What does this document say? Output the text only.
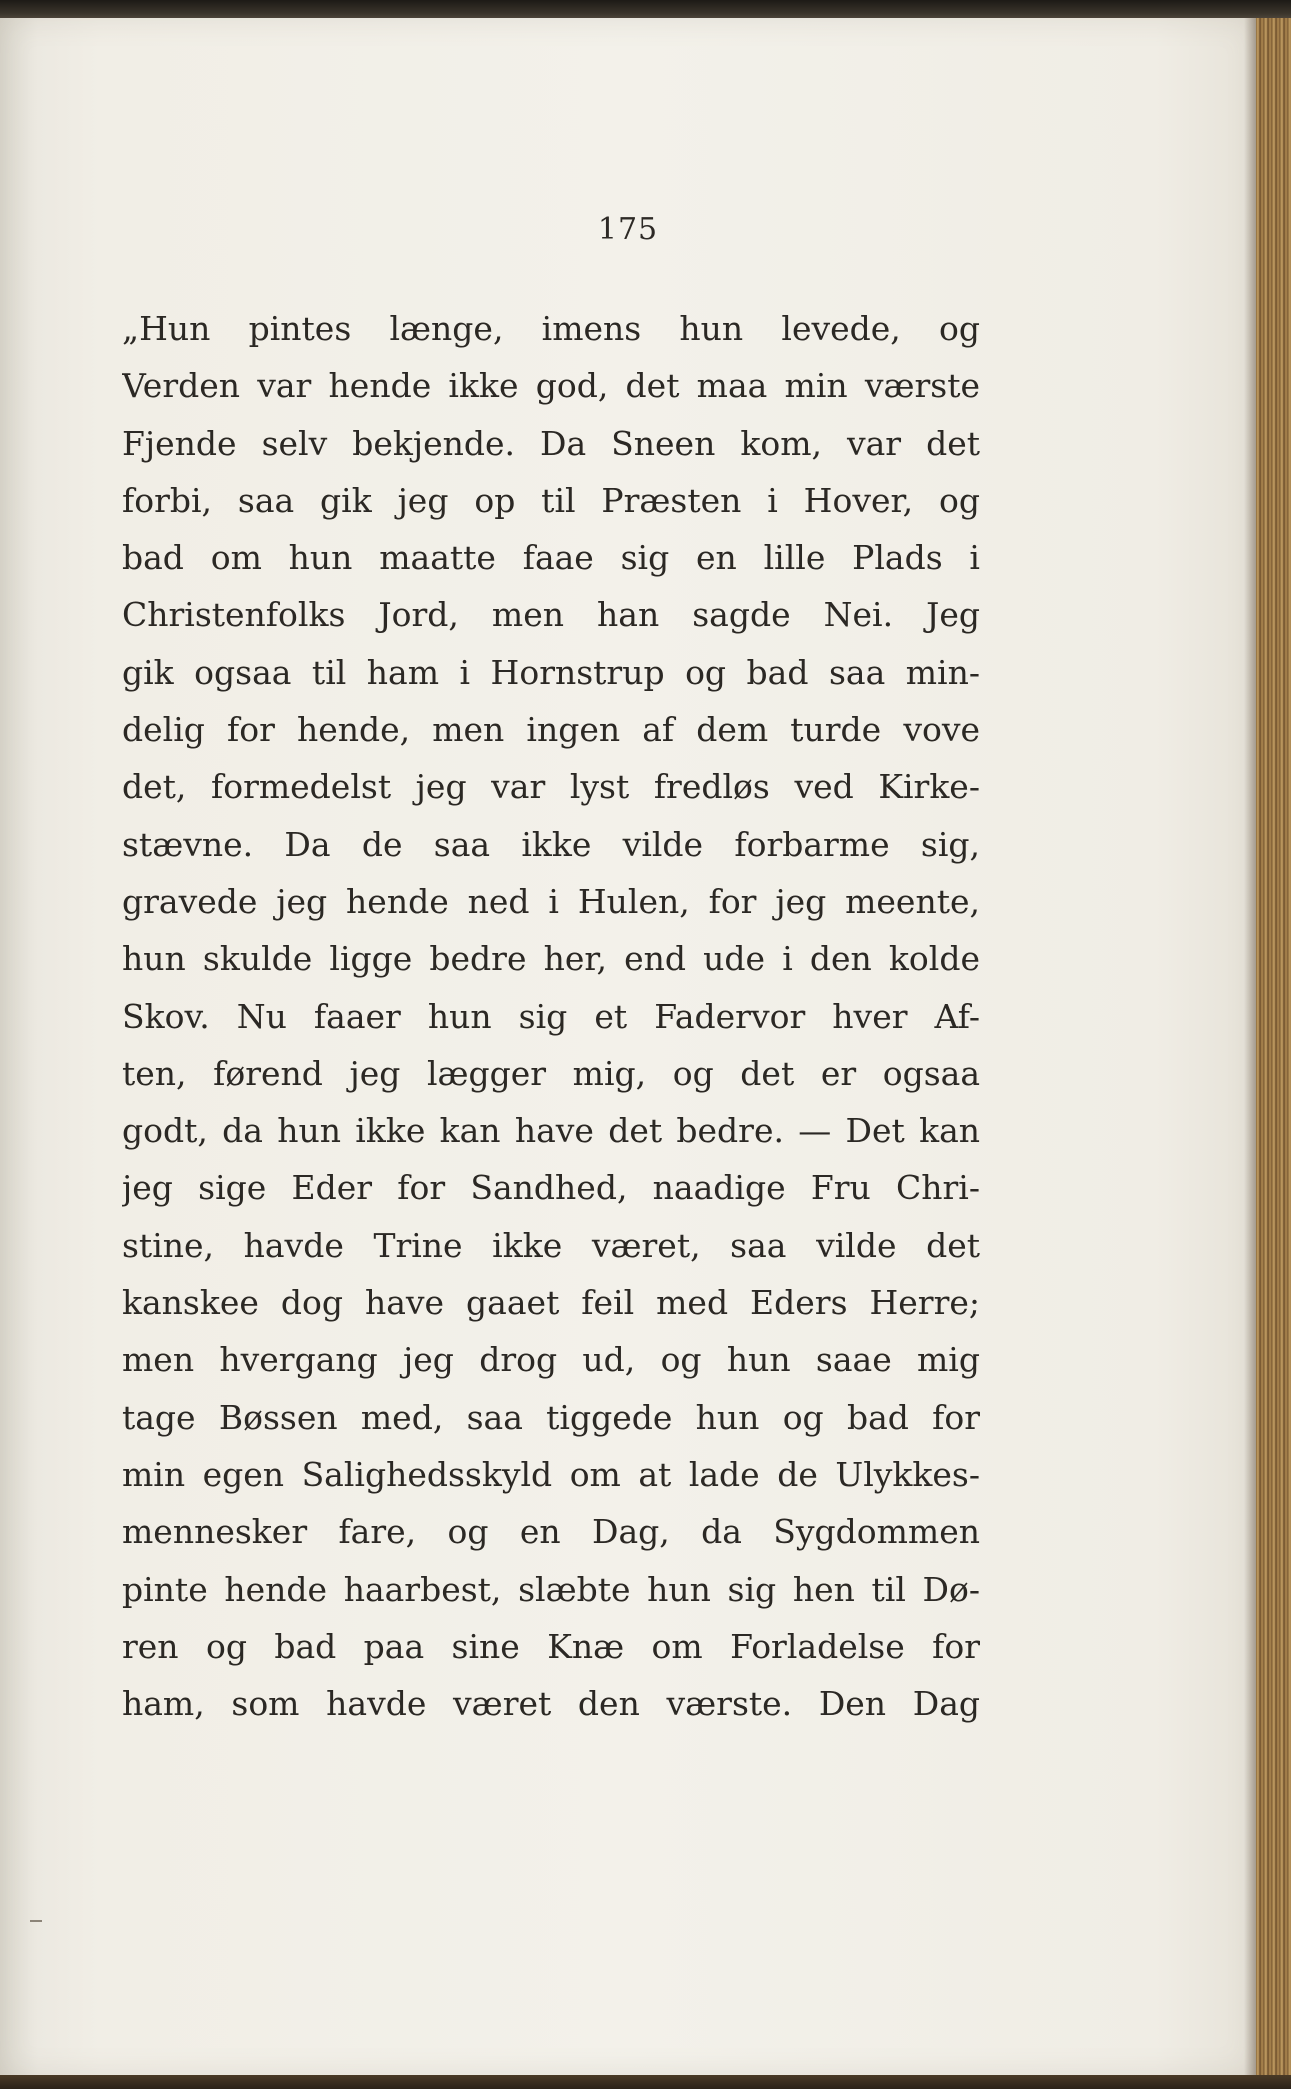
175
„Hun pintes længe, imens hun levede, og
Verden var hende ikke god, det maa min værste
Fjende selv bekjende. Da Sneen kom, var det
forbi, saa gik jeg op til Præsten i Hover, og
bad om hun maatte faae sig en lille Plads i
Christenfolks Jord, men han sagde Nei. Jeg
gik ogsaa til ham i Hornstrup og bad saa min-
delig for hende, men ingen af dem turde vove
det, formedelst jeg var lyst fredløs ved Kirke-
stævne. Da de saa ikke vilde forbarme sig,
gravede jeg hende ned i Hulen, for jeg meente,
hun skulde ligge bedre her, end ude i den kolde
Skov. Nu faaer hun sig et Fadervor hver Af-
ten, førend jeg lægger mig, og det er ogsaa
godt, da hun ikke kan have det bedre. — Det kan
jeg sige Eder for Sandhed, naadige Fru Chri-
stine, havde Trine ikke været, saa vilde det
kanskee dog have gaaet feil med Eders Herre;
men hvergang jeg drog ud, og hun saae mig
tage Bøssen med, saa tiggede hun og bad for
min egen Salighedsskyld om at lade de Ulykkes-
mennesker fare, og en Dag, da Sygdommen
pinte hende haarbest, slæbte hun sig hen til Dø-
ren og bad paa sine Knæ om Forladelse for
ham, som havde været den værste. Den Dag
